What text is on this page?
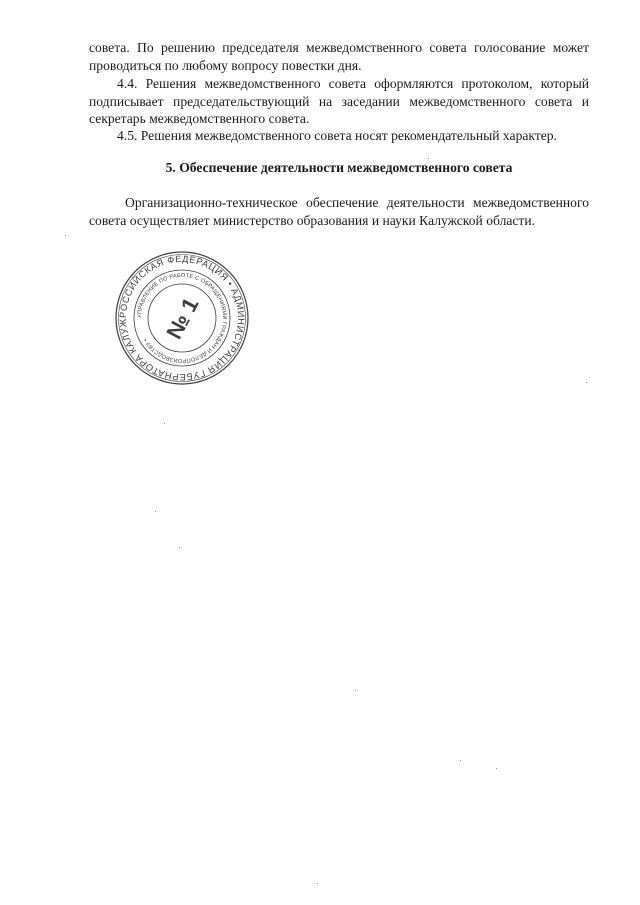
совета. По решению председателя межведомственного совета голосование может проводиться по любому вопросу повестки дня.

4.4. Решения межведомственного совета оформляются протоколом, который подписывает председательствующий на заседании межведомственного совета и секретарь межведомственного совета.

4.5. Решения межведомственного совета носят рекомендательный характер.

5. Обеспечение деятельности межведомственного совета

Организационно-техническое обеспечение деятельности межведомственного совета осуществляет министерство образования и науки Калужской области.

РОССИЙСКАЯ ФЕДЕРАЦИЯ • АДМИНИСТРАЦИЯ ГУБЕРНАТОРА КАЛУЖ
УПРАВЛЕНИЕ ПО РАБОТЕ С ОБРАЩЕНИЯМИ ГРАЖДАН И ДЕЛОПРОИЗВОДСТВУ • № 1
